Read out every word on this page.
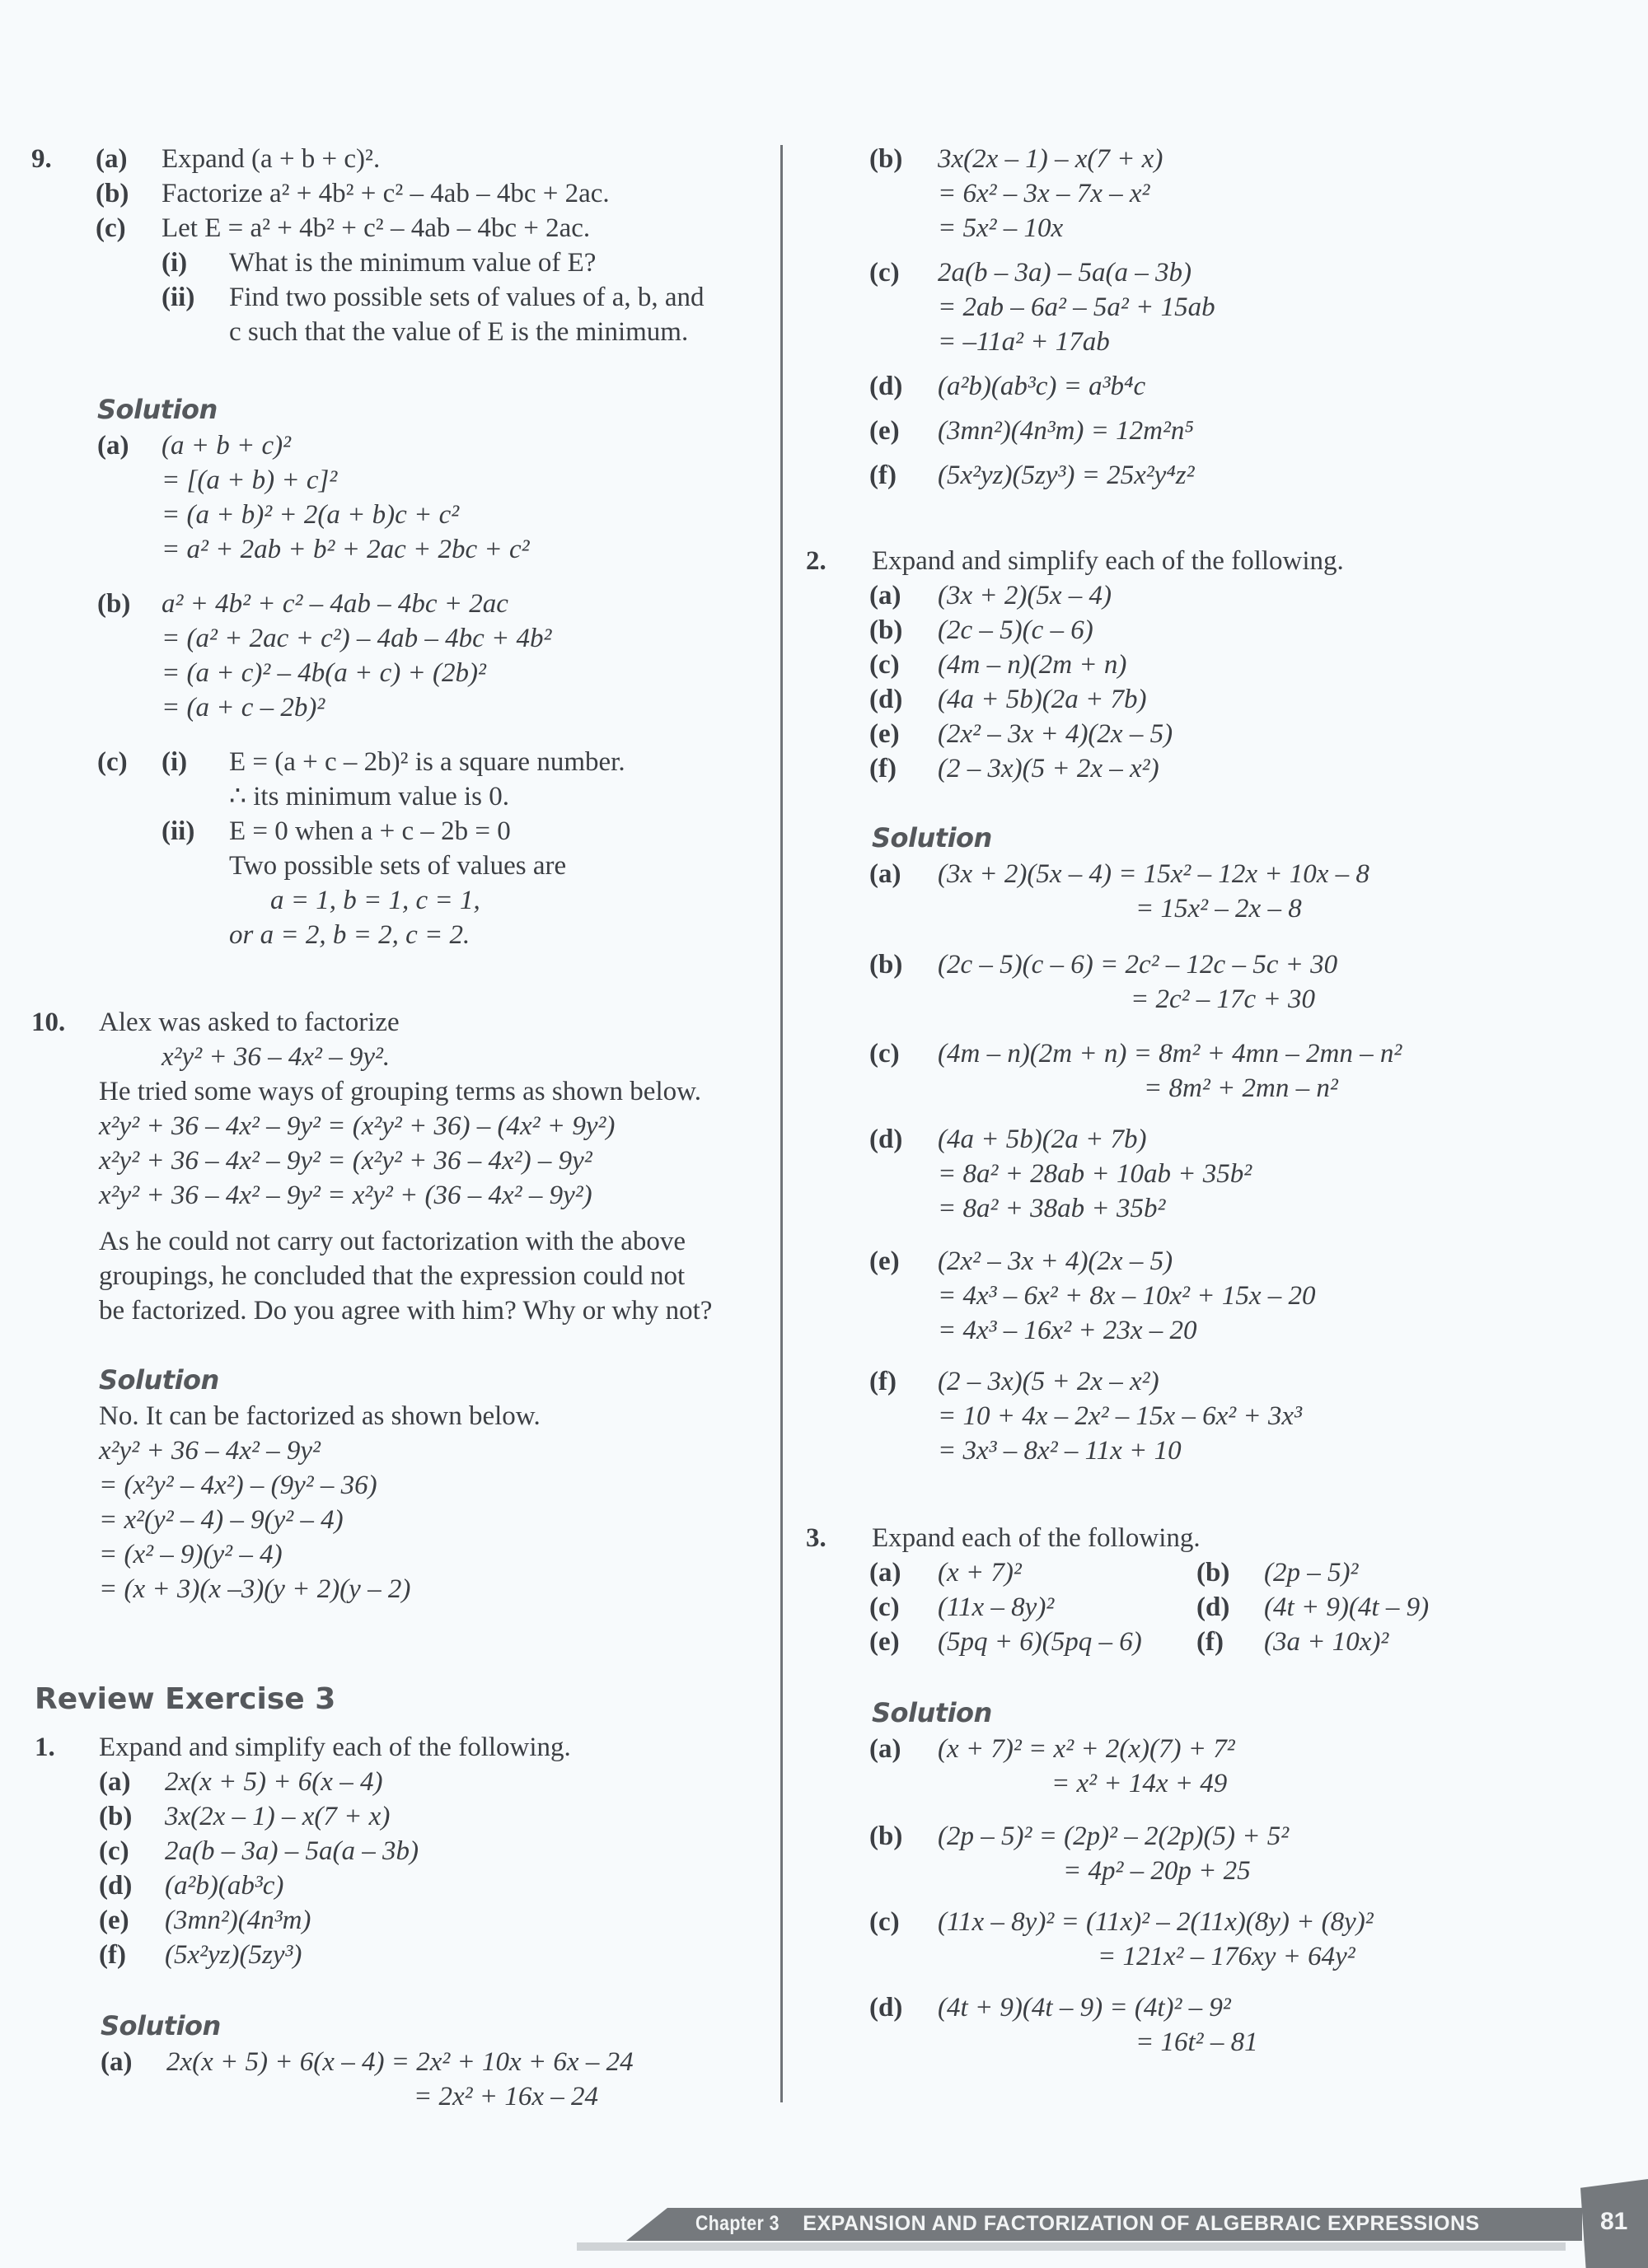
9. (a) Expand (a + b + c)².
(b) Factorize a² + 4b² + c² – 4ab – 4bc + 2ac.
(c) Let E = a² + 4b² + c² – 4ab – 4bc + 2ac.
(i) What is the minimum value of E?
(ii) Find two possible sets of values of a, b, and
c such that the value of E is the minimum.
Solution
(a) (a + b + c)²
= [(a + b) + c]²
= (a + b)² + 2(a + b)c + c²
= a² + 2ab + b² + 2ac + 2bc + c²
(b) a² + 4b² + c² – 4ab – 4bc + 2ac
= (a² + 2ac + c²) – 4ab – 4bc + 4b²
= (a + c)² – 4b(a + c) + (2b)²
= (a + c – 2b)²
(c) (i) E = (a + c – 2b)² is a square number.
∴ its minimum value is 0.
(ii) E = 0 when a + c – 2b = 0
Two possible sets of values are
a = 1, b = 1, c = 1,
or a = 2, b = 2, c = 2.
10. Alex was asked to factorize
x²y² + 36 – 4x² – 9y².
He tried some ways of grouping terms as shown below.
x²y² + 36 – 4x² – 9y² = (x²y² + 36) – (4x² + 9y²)
x²y² + 36 – 4x² – 9y² = (x²y² + 36 – 4x²) – 9y²
x²y² + 36 – 4x² – 9y² = x²y² + (36 – 4x² – 9y²)
As he could not carry out factorization with the above
groupings, he concluded that the expression could not
be factorized. Do you agree with him? Why or why not?
Solution
No. It can be factorized as shown below.
x²y² + 36 – 4x² – 9y²
= (x²y² – 4x²) – (9y² – 36)
= x²(y² – 4) – 9(y² – 4)
= (x² – 9)(y² – 4)
= (x + 3)(x –3)(y + 2)(y – 2)
Review Exercise 3
1. Expand and simplify each of the following.
(a) 2x(x + 5) + 6(x – 4)
(b) 3x(2x – 1) – x(7 + x)
(c) 2a(b – 3a) – 5a(a – 3b)
(d) (a²b)(ab³c)
(e) (3mn²)(4n³m)
(f) (5x²yz)(5zy³)
Solution
(a) 2x(x + 5) + 6(x – 4) = 2x² + 10x + 6x – 24
= 2x² + 16x – 24
(b) 3x(2x – 1) – x(7 + x)
= 6x² – 3x – 7x – x²
= 5x² – 10x
(c) 2a(b – 3a) – 5a(a – 3b)
= 2ab – 6a² – 5a² + 15ab
= –11a² + 17ab
(d) (a²b)(ab³c) = a³b⁴c
(e) (3mn²)(4n³m) = 12m²n⁵
(f) (5x²yz)(5zy³) = 25x²y⁴z²
2. Expand and simplify each of the following.
(a) (3x + 2)(5x – 4)
(b) (2c – 5)(c – 6)
(c) (4m – n)(2m + n)
(d) (4a + 5b)(2a + 7b)
(e) (2x² – 3x + 4)(2x – 5)
(f) (2 – 3x)(5 + 2x – x²)
Solution
(a) (3x + 2)(5x – 4) = 15x² – 12x + 10x – 8
= 15x² – 2x – 8
(b) (2c – 5)(c – 6) = 2c² – 12c – 5c + 30
= 2c² – 17c + 30
(c) (4m – n)(2m + n) = 8m² + 4mn – 2mn – n²
= 8m² + 2mn – n²
(d) (4a + 5b)(2a + 7b)
= 8a² + 28ab + 10ab + 35b²
= 8a² + 38ab + 35b²
(e) (2x² – 3x + 4)(2x – 5)
= 4x³ – 6x² + 8x – 10x² + 15x – 20
= 4x³ – 16x² + 23x – 20
(f) (2 – 3x)(5 + 2x – x²)
= 10 + 4x – 2x² – 15x – 6x² + 3x³
= 3x³ – 8x² – 11x + 10
3. Expand each of the following.
(a) (x + 7)²	(b) (2p – 5)²
(c) (11x – 8y)²	(d) (4t + 9)(4t – 9)
(e) (5pq + 6)(5pq – 6) (f) (3a + 10x)²
Solution
(a) (x + 7)² = x² + 2(x)(7) + 7²
= x² + 14x + 49
(b) (2p – 5)² = (2p)² – 2(2p)(5) + 5²
= 4p² – 20p + 25
(c) (11x – 8y)² = (11x)² – 2(11x)(8y) + (8y)²
= 121x² – 176xy + 64y²
(d) (4t + 9)(4t – 9) = (4t)² – 9²
= 16t² – 81
Chapter 3 EXPANSION AND FACTORIZATION OF ALGEBRAIC EXPRESSIONS	81
